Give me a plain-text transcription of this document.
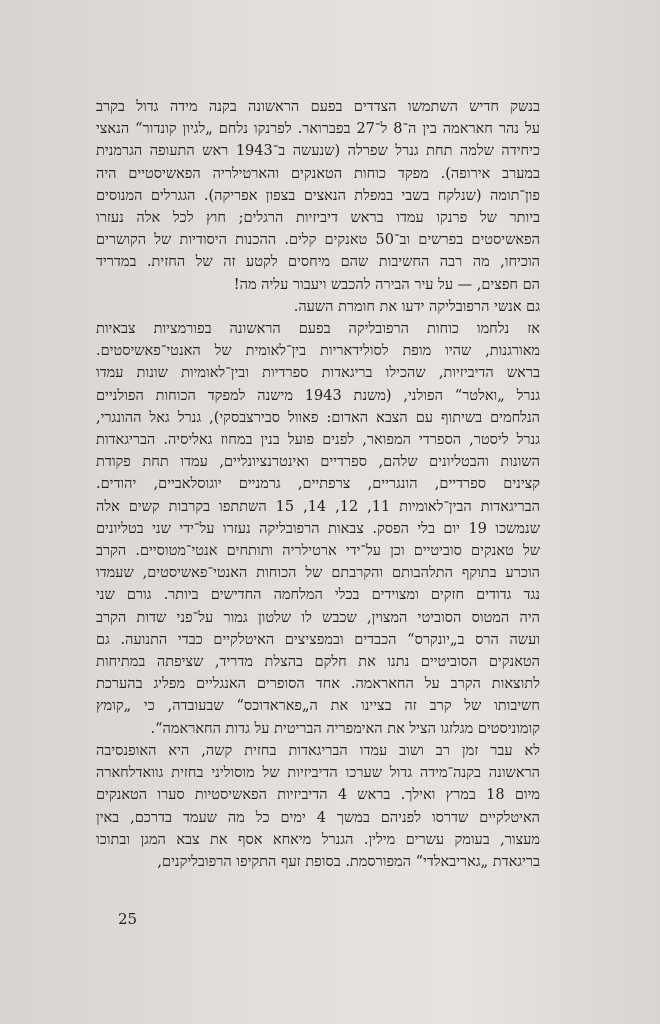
בנשק חדיש השתמשו הצדדים בפעם הראשונה בקנה מידה גדול בקרב
על נהר חאראמה בין ה־8 ל־27 בפברואר. לפרנקו נלחם „לגיון קונדור“ הנאצי
כיחידה שלמה תחת גנרל שפרלה (שנעשה ב־1943 ראש התעופה הגרמנית
במערב אירופה). מפקד כוחות הטאנקים והארטילריה הפאשיסטיים היה
פון־תומה (שנלקח בשבי במפלת הנאצים בצפון אפריקה). הגגרלים המנוסים
ביותר של פרנקו עמדו בראש דיביזיות הרגלים; חוץ לכל אלה נעזרו
הפאשיסטים בפרשים וב־50 טאנקים קלים. ההכנות היסודיות של הקושרים
הוכיחו, מה רבה החשיבות שהם מיחסים לקטע זה של החזית. במדריד
הם חפצים, — על עיר הבירה להכבש ויעבור עליה מה!

גם אנשי הרפובליקה ידעו את חומרת השעה.

אז נלחמו כוחות הרפובליקה בפעם הראשונה בפורמציות צבאיות
מאורגנות, שהיו מופת לסולידאריות בין־לאומית של האנטי־פאשיסטים.
בראש הדיביזיות, שהכילו בריגאדות ספרדיות ובין־לאומיות שונות עמדו
גנרל „ואלטר“ הפולני, (משנת 1943 מישנה למפקד הכוחות הפולניים
הנלחמים בשיתוף עם הצבא האדום: פאוול סבירצבסקי), גנרל גאל ההונגרי,
גנרל ליסטר, הספרדי המפואר, לפנים פועל בנין במחוז גאליסיה. הבריגאדות
השונות והבטליונים שלהם, ספרדיים ואינטרנציונליים, עמדו תחת פקודת
קצינים ספרדיים, הונגריים, צרפתיים, גרמניים יוגוסלאביים, יהודים.
הבריגאדות הבין־לאומיות 11, 12, 14, 15 השתתפו בקרבות קשים אלה
שנמשכו 19 יום בלי הפסק. צבאות הרפובליקה נעזרו על־ידי שני בטליונים
של טאנקים סוביטיים וכן על־ידי ארטילריה ותותחים אנטי־מטוסיים. הקרב
הוכרע בתוקף התלהבותם והקרבתם של הכוחות האנטי־פאשיסטים, שעמדו
נגד גדודים חזקים ומצוידים בכלי המלחמה החדישים ביותר. גורם שני
היה המטוס הסוביטי המצוין, שכבש לו שלטון גמור על־פני שדות הקרב
ועשה הרס ב„יונקרס“ הכבדים ובמפציצים האיטלקיים כבדי התנועה. גם
הטאנקים הסוביטיים נתנו את חלקם בהצלת מדריד, שציפתה במתיחות
לתוצאות הקרב על החאראמה. אחד הסופרים האנגליים מפליג בהערכת
חשיבותו של קרב זה בציינו את ה„פאראדוכס“ שבעובדה, כי „קומץ
קומוניסטים מגלזגו הציל את האימפריה הבריטית על גדות החאראמה“.

לא עבר זמן רב ושוב עמדו הבריגאדות בחזית קשה, היא האופנסיבה
הראשונה בקנה־מידה גדול שערכו הדיביזיות של מוסוליני בחזית גוואדלחארה
מיום 18 במרץ ואילך. בראש 4 הדיביזיות הפאשיסטיות סערו הטאנקים
האיטלקיים שדרסו לפניהם במשך 4 ימים כל מה שעמד בדרכם, באין
מעצור, בעומק עשרים מילין. הגנרל מיאחא אסף את צבא המגן ובתוכו
בריגאדת „גאריבאלדי“ המפורסמת. בסופת זעף התקיפו הרפובליקנים,

25
